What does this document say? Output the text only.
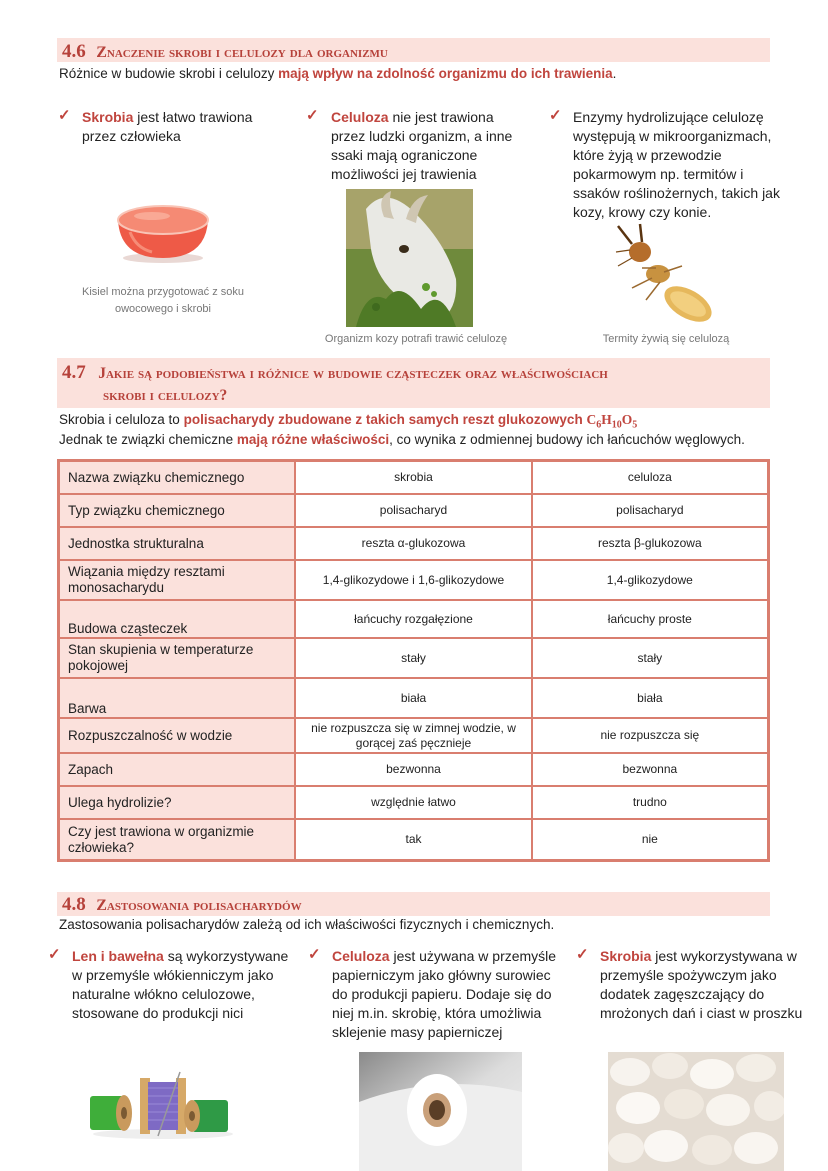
4.6 Znaczenie skrobi i celulozy dla organizmu
Różnice w budowie skrobi i celulozy mają wpływ na zdolność organizmu do ich trawienia.
✓ Skrobia jest łatwo trawiona przez człowieka
Kisiel można przygotować z soku owocowego i skrobi
✓ Celuloza nie jest trawiona przez ludzki organizm, a inne ssaki mają ograniczone możliwości jej trawienia
Organizm kozy potrafi trawić celulozę
✓ Enzymy hydrolizujące celulozę występują w mikroorganizmach, które żyją w przewodzie pokarmowym np. termitów i ssaków roślinożernych, takich jak kozy, krowy czy konie.
Termity żywią się celulozą
4.7 Jakie są podobieństwa i różnice w budowie cząsteczek oraz właściwościach
skrobi i celulozy?
Skrobia i celuloza to polisacharydy zbudowane z takich samych reszt glukozowych $C_6H_{10}O_5$
Jednak te związki chemiczne mają różne właściwości, co wynika z odmiennej budowy ich łańcuchów węglowych.
Nazwa związku chemicznego	skrobia	celuloza
Typ związku chemicznego	polisacharyd	polisacharyd
Jednostka strukturalna	reszta α-glukozowa	reszta β-glukozowa
Wiązania między resztami monosacharydu	1,4-glikozydowe i 1,6-glikozydowe	1,4-glikozydowe
Budowa cząsteczek	łańcuchy rozgałęzione	łańcuchy proste
Stan skupienia w temperaturze pokojowej	stały	stały
Barwa	biała	biała
Rozpuszczalność w wodzie	nie rozpuszcza się w zimnej wodzie, w gorącej zaś pęcznieje	nie rozpuszcza się
Zapach	bezwonna	bezwonna
Ulega hydrolizie?	względnie łatwo	trudno
Czy jest trawiona w organizmie człowieka?	tak	nie
4.8 Zastosowania polisacharydów
Zastosowania polisacharydów zależą od ich właściwości fizycznych i chemicznych.
✓ Len i bawełna są wykorzystywane w przemyśle włókienniczym jako naturalne włókno celulozowe, stosowane do produkcji nici
✓ Celuloza jest używana w przemyśle papierniczym jako główny surowiec do produkcji papieru. Dodaje się do niej m.in. skrobię, która umożliwia sklejenie masy papierniczej
✓ Skrobia jest wykorzystywana w przemyśle spożywczym jako dodatek zagęszczający do mrożonych dań i ciast w proszku
